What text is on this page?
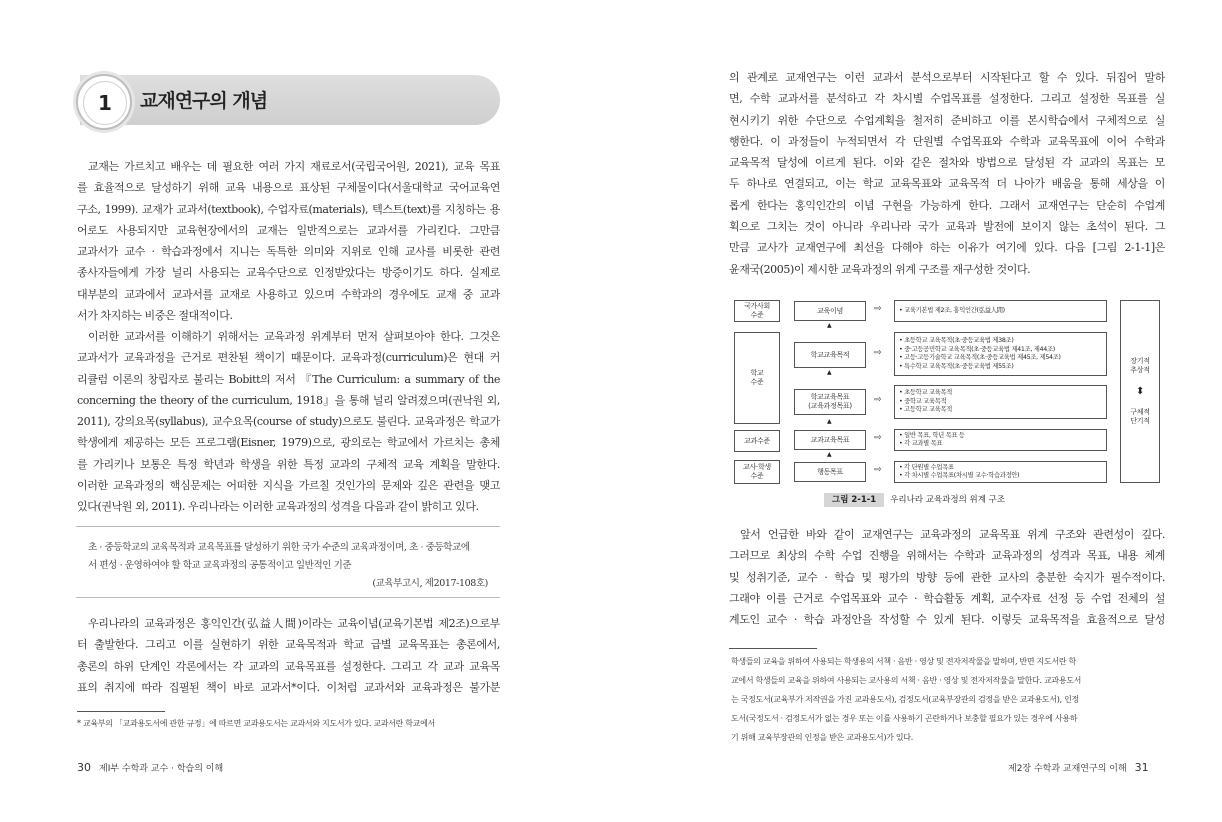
1	교재연구의 개념
교재는 가르치고 배우는 데 필요한 여러 가지 재료로서(국립국어원, 2021), 교육 목표
를 효율적으로 달성하기 위해 교육 내용으로 표상된 구체물이다(서울대학교 국어교육연
구소, 1999). 교재가 교과서(textbook), 수업자료(materials), 텍스트(text)를 지칭하는 용
어로도 사용되지만 교육현장에서의 교재는 일반적으로는 교과서를 가리킨다. 그만큼
교과서가 교수 · 학습과정에서 지니는 독특한 의미와 지위로 인해 교사를 비롯한 관련
종사자들에게 가장 널리 사용되는 교육수단으로 인정받았다는 방증이기도 하다. 실제로
대부분의 교과에서 교과서를 교재로 사용하고 있으며 수학과의 경우에도 교재 중 교과
서가 차지하는 비중은 절대적이다.
이러한 교과서를 이해하기 위해서는 교육과정 위계부터 먼저 살펴보아야 한다. 그것은
교과서가 교육과정을 근거로 편찬된 책이기 때문이다. 교육과정(curriculum)은 현대 커
리큘럼 이론의 창립자로 불리는 Bobitt의 저서 『The Curriculum: a summary of the
concerning the theory of the curriculum, 1918』을 통해 널리 알려졌으며(권낙원 외,
2011), 강의요목(syllabus), 교수요목(course of study)으로도 불린다. 교육과정은 학교가
학생에게 제공하는 모든 프로그램(Eisner, 1979)으로, 광의로는 학교에서 가르치는 총체
를 가리키나 보통은 특정 학년과 학생을 위한 특정 교과의 구체적 교육 계획을 말한다.
이러한 교육과정의 핵심문제는 어떠한 지식을 가르칠 것인가의 문제와 깊은 관련을 맺고
있다(권낙원 외, 2011). 우리나라는 이러한 교육과정의 성격을 다음과 같이 밝히고 있다.
초 · 중등학교의 교육목적과 교육목표를 달성하기 위한 국가 수준의 교육과정이며, 초 · 중등학교에
서 편성 · 운영하여야 할 학교 교육과정의 공통적이고 일반적인 기준
(교육부고시, 제2017-108호)
우리나라의 교육과정은 홍익인간(弘益人間)이라는 교육이념(교육기본법 제2조)으로부
터 출발한다. 그리고 이를 실현하기 위한 교육목적과 학교 급별 교육목표는 총론에서,
총론의 하위 단계인 각론에서는 각 교과의 교육목표를 설정한다. 그리고 각 교과 교육목
표의 취지에 따라 집필된 책이 바로 교과서*이다. 이처럼 교과서와 교육과정은 불가분
* 교육부의 「교과용도서에 관한 규정」에 따르면 교과용도서는 교과서와 지도서가 있다. 교과서란 학교에서
30 제Ⅰ부 수학과 교수 · 학습의 이해
의 관계로 교재연구는 이런 교과서 분석으로부터 시작된다고 할 수 있다. 뒤집어 말하
면, 수학 교과서를 분석하고 각 차시별 수업목표를 설정한다. 그리고 설정한 목표를 실
현시키기 위한 수단으로 수업계획을 철저히 준비하고 이를 본시학습에서 구체적으로 실
행한다. 이 과정들이 누적되면서 각 단원별 수업목표와 수학과 교육목표에 이어 수학과
교육목적 달성에 이르게 된다. 이와 같은 절차와 방법으로 달성된 각 교과의 목표는 모
두 하나로 연결되고, 이는 학교 교육목표와 교육목적 더 나아가 배움을 통해 세상을 이
롭게 한다는 홍익인간의 이념 구현을 가능하게 한다. 그래서 교재연구는 단순히 수업계
획으로 그치는 것이 아니라 우리나라 국가 교육과 발전에 보이지 않는 초석이 된다. 그
만큼 교사가 교재연구에 최선을 다해야 하는 이유가 여기에 있다. 다음 [그림 2-1-1]은
윤재국(2005)이 제시한 교육과정의 위계 구조를 재구성한 것이다.
국가사회
수준
학교
수준
교과수준
교사·학생
수준
교육이념
▲
학교교육목적
▲
학교교육목표
(교육과정목표)
▲
교과교육목표
▲
행동목표
⇨
⇨
⇨
⇨
⇨
• 교육기본법 제2조, 홍익인간(弘益人間)
• 초등학교 교육목적(초·중등교육법 제38조)
• 중·고등공민학교 교육목적(초·중등교육법 제41조, 제44조)
• 고등·고등기술학교 교육목적(초·중등교육법 제45조, 제54조)
• 특수학교 교육목적(초·중등교육법 제55조)
• 초등학교 교육목적
• 중학교 교육목적
• 고등학교 교육목적
• 일반 목표, 학년 목표 등
• 각 교과별 목표
• 각 단원별 수업목표
• 각 차시별 수업목표(차시별 교수·학습과정안)
장기적
추상적
⬍
구체적
단기적
그림 2-1-1 우리나라 교육과정의 위계 구조
앞서 언급한 바와 같이 교재연구는 교육과정의 교육목표 위계 구조와 관련성이 깊다.
그러므로 최상의 수학 수업 진행을 위해서는 수학과 교육과정의 성격과 목표, 내용 체계
및 성취기준, 교수 · 학습 및 평가의 방향 등에 관한 교사의 충분한 숙지가 필수적이다.
그래야 이를 근거로 수업목표와 교수 · 학습활동 계획, 교수자료 선정 등 수업 전체의 설
계도인 교수 · 학습 과정안을 작성할 수 있게 된다. 이렇듯 교육목적을 효율적으로 달성
학생들의 교육을 위하여 사용되는 학생용의 서책 · 음반 · 영상 및 전자저작물을 말하며, 반면 지도서란 학
교에서 학생들의 교육을 위하여 사용되는 교사용의 서책 · 음반 · 영상 및 전자저작물을 말한다. 교과용도서
는 국정도서(교육부가 저작권을 가진 교과용도서), 검정도서(교육부장관의 검정을 받은 교과용도서), 인정
도서(국정도서 · 검정도서가 없는 경우 또는 이를 사용하기 곤란하거나 보충할 필요가 있는 경우에 사용하
기 위해 교육부장관의 인정을 받은 교과용도서)가 있다.
제2장 수학과 교재연구의 이해 31
